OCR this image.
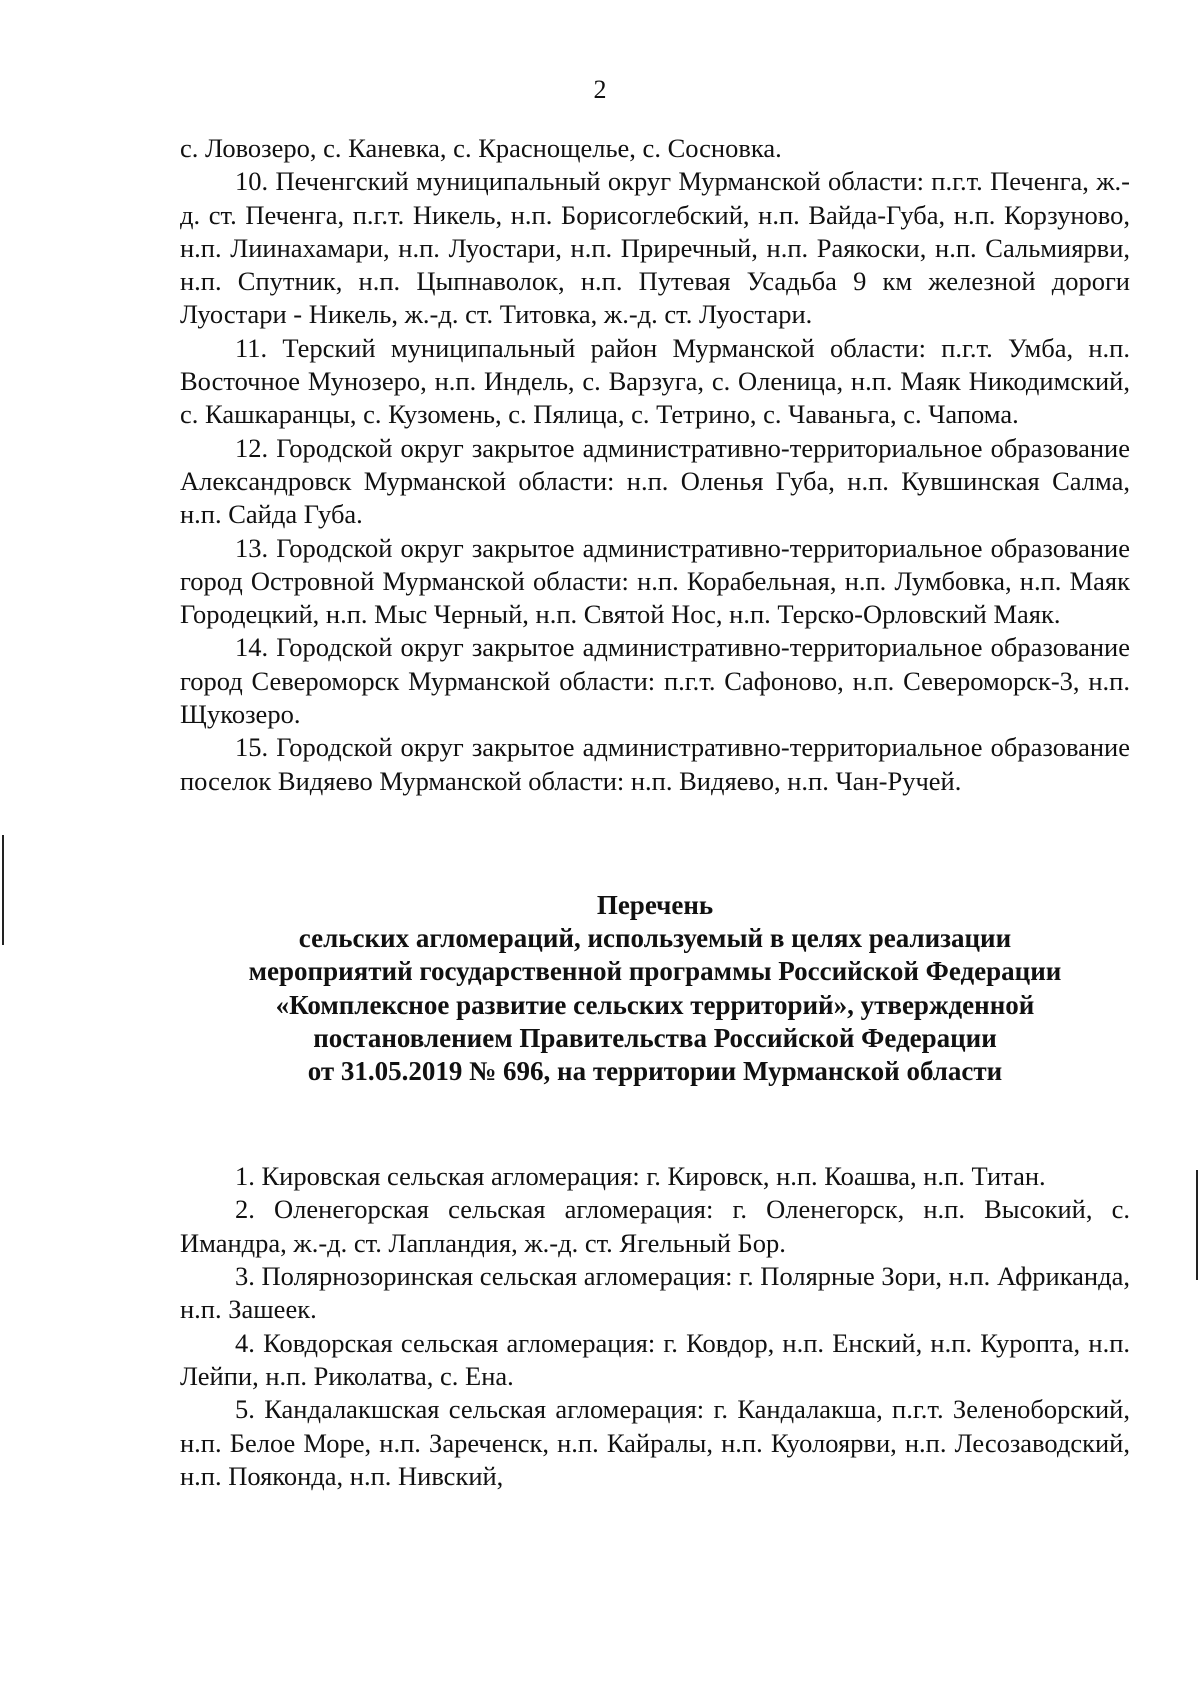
2

с. Ловозеро, с. Каневка, с. Краснощелье, с. Сосновка.

10. Печенгский муниципальный округ Мурманской области: п.г.т. Печенга, ж.-д. ст. Печенга, п.г.т. Никель, н.п. Борисоглебский, н.п. Вайда-Губа, н.п. Корзуново, н.п. Лиинахамари, н.п. Луостари, н.п. Приречный, н.п. Раякоски, н.п. Сальмиярви, н.п. Спутник, н.п. Цыпнаволок, н.п. Путевая Усадьба 9 км железной дороги Луостари - Никель, ж.-д. ст. Титовка, ж.-д. ст. Луостари.

11. Терский муниципальный район Мурманской области: п.г.т. Умба, н.п. Восточное Мунозеро, н.п. Индель, с. Варзуга, с. Оленица, н.п. Маяк Никодимский, с. Кашкаранцы, с. Кузомень, с. Пялица, с. Тетрино, с. Чаваньга, с. Чапома.

12. Городской округ закрытое административно-территориальное образование Александровск Мурманской области: н.п. Оленья Губа, н.п. Кувшинская Салма, н.п. Сайда Губа.

13. Городской округ закрытое административно-территориальное образование город Островной Мурманской области: н.п. Корабельная, н.п. Лумбовка, н.п. Маяк Городецкий, н.п. Мыс Черный, н.п. Святой Нос, н.п. Терско-Орловский Маяк.

14. Городской округ закрытое административно-территориальное образование город Североморск Мурманской области: п.г.т. Сафоново, н.п. Североморск-3, н.п. Щукозеро.

15. Городской округ закрытое административно-территориальное образование поселок Видяево Мурманской области: н.п. Видяево, н.п. Чан-Ручей.

Перечень
сельских агломераций, используемый в целях реализации
мероприятий государственной программы Российской Федерации
«Комплексное развитие сельских территорий», утвержденной
постановлением Правительства Российской Федерации
от 31.05.2019 № 696, на территории Мурманской области

1. Кировская сельская агломерация: г. Кировск, н.п. Коашва, н.п. Титан.

2. Оленегорская сельская агломерация: г. Оленегорск, н.п. Высокий, с. Имандра, ж.-д. ст. Лапландия, ж.-д. ст. Ягельный Бор.

3. Полярнозоринская сельская агломерация: г. Полярные Зори, н.п. Африканда, н.п. Зашеек.

4. Ковдорская сельская агломерация: г. Ковдор, н.п. Енский, н.п. Куропта, н.п. Лейпи, н.п. Риколатва, с. Ена.

5. Кандалакшская сельская агломерация: г. Кандалакша, п.г.т. Зеленоборский, н.п. Белое Море, н.п. Зареченск, н.п. Кайралы, н.п. Куолоярви, н.п. Лесозаводский, н.п. Пояконда, н.п. Нивский,
